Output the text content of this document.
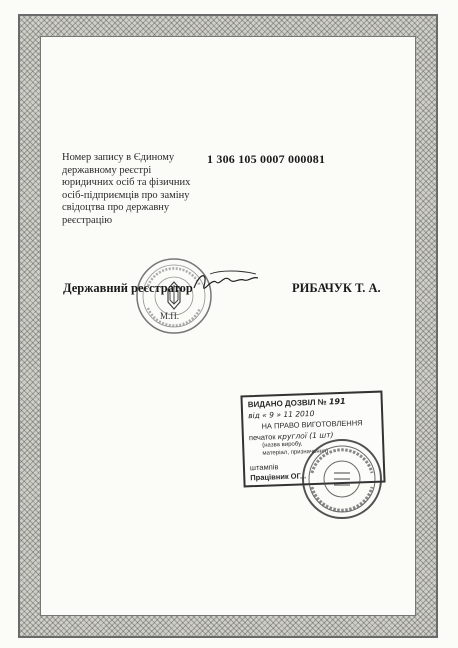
Номер запису в Єдиному державному реєстрі юридичних осіб та фізичних осіб-підприємців про заміну свідоцтва про державну реєстрацію
1 306 105 0007 000081
Державний реєстратор	РИБАЧУК Т. А.
М.П.
ВИДАНО ДОЗВІЛ № 191
від « 9 » 11 2010
НА ПРАВО ВИГОТОВЛЕННЯ
печаток круглої (1 шт)
(назва виробу,
матеріал, призначення)
штампів
Працівник ОГ...
